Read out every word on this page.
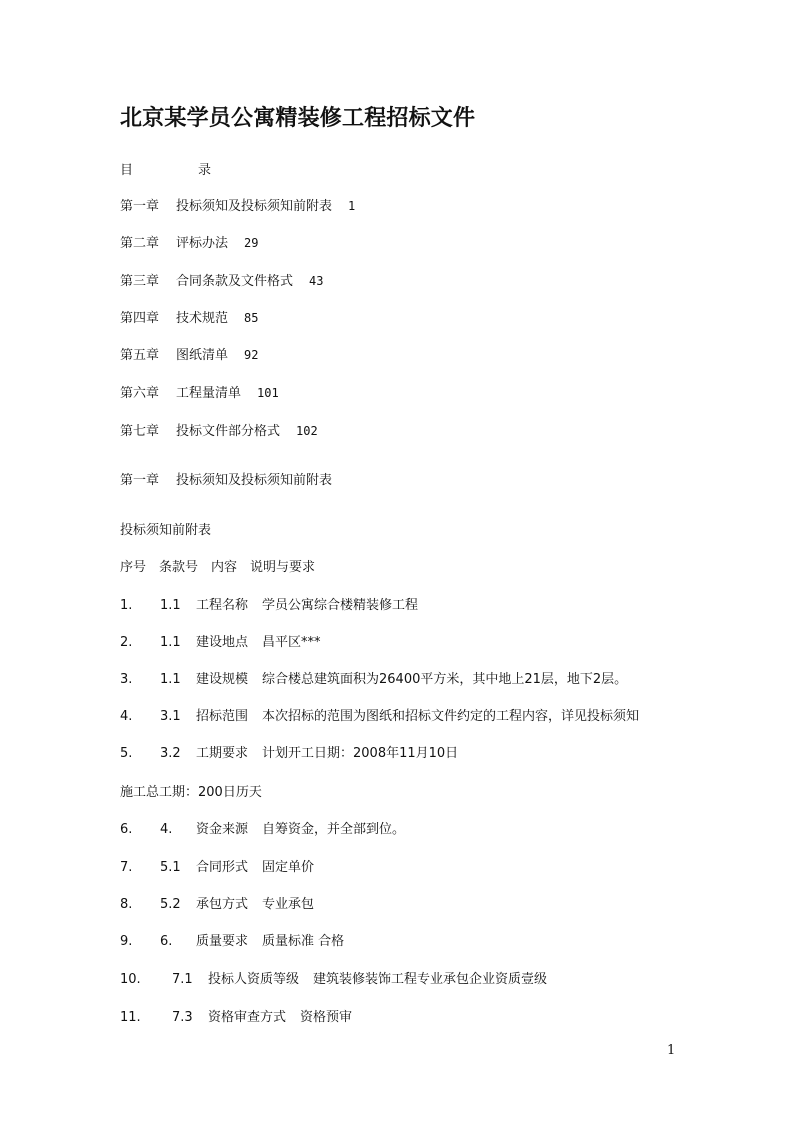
北京某学员公寓精装修工程招标文件
目	录
第一章	投标须知及投标须知前附表 1
第二章	评标办法 29
第三章	合同条款及文件格式 43
第四章	技术规范 85
第五章	图纸清单 92
第六章	工程量清单 101
第七章	投标文件部分格式 102
第一章	投标须知及投标须知前附表
投标须知前附表
序号 条款号 内容 说明与要求
1.	1.1	工程名称 学员公寓综合楼精装修工程
2.	1.1	建设地点 昌平区***
3.	1.1	建设规模 综合楼总建筑面积为26400平方米，其中地上21层，地下2层。
4.	3.1	招标范围 本次招标的范围为图纸和招标文件约定的工程内容，详见投标须知
5.	3.2	工期要求 计划开工日期：2008年11月10日
施工总工期：200日历天
6.	4.	资金来源 自筹资金，并全部到位。
7.	5.1	合同形式 固定单价
8.	5.2	承包方式 专业承包
9.	6.	质量要求 质量标准 合格
10.	7.1	投标人资质等级 建筑装修装饰工程专业承包企业资质壹级
11.	7.3	资格审查方式 资格预审
1
